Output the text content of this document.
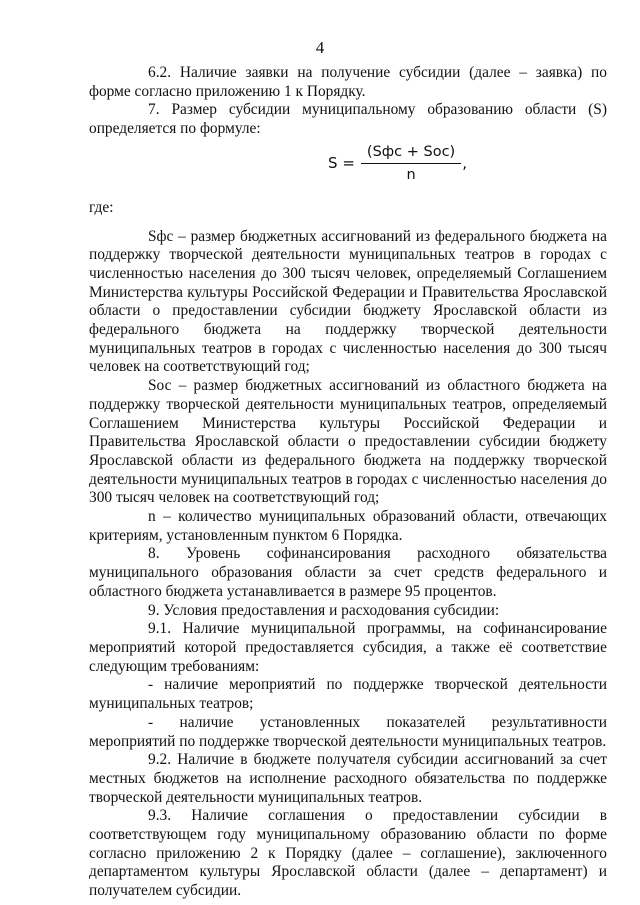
4

6.2. Наличие заявки на получение субсидии (далее – заявка) по форме согласно приложению 1 к Порядку.

7. Размер субсидии муниципальному образованию области (S) определяется по формуле:

$S = \frac{\text{(Sфс + Sос)}}{n}$ ,

где:

Sфс – размер бюджетных ассигнований из федерального бюджета на поддержку творческой деятельности муниципальных театров в городах с численностью населения до 300 тысяч человек, определяемый Соглашением Министерства культуры Российской Федерации и Правительства Ярославской области о предоставлении субсидии бюджету Ярославской области из федерального бюджета на поддержку творческой деятельности муниципальных театров в городах с численностью населения до 300 тысяч человек на соответствующий год;

Sос – размер бюджетных ассигнований из областного бюджета на поддержку творческой деятельности муниципальных театров, определяемый Соглашением Министерства культуры Российской Федерации и Правительства Ярославской области о предоставлении субсидии бюджету Ярославской области из федерального бюджета на поддержку творческой деятельности муниципальных театров в городах с численностью населения до 300 тысяч человек на соответствующий год;

n – количество муниципальных образований области, отвечающих критериям, установленным пунктом 6 Порядка.

8. Уровень софинансирования расходного обязательства муниципального образования области за счет средств федерального и областного бюджета устанавливается в размере 95 процентов.

9. Условия предоставления и расходования субсидии:

9.1. Наличие муниципальной программы, на софинансирование мероприятий которой предоставляется субсидия, а также её соответствие следующим требованиям:

- наличие мероприятий по поддержке творческой деятельности муниципальных театров;

- наличие установленных показателей результативности мероприятий по поддержке творческой деятельности муниципальных театров.

9.2. Наличие в бюджете получателя субсидии ассигнований за счет местных бюджетов на исполнение расходного обязательства по поддержке творческой деятельности муниципальных театров.

9.3. Наличие соглашения о предоставлении субсидии в соответствующем году муниципальному образованию области по форме согласно приложению 2 к Порядку (далее – соглашение), заключенного департаментом культуры Ярославской области (далее – департамент) и получателем субсидии.
